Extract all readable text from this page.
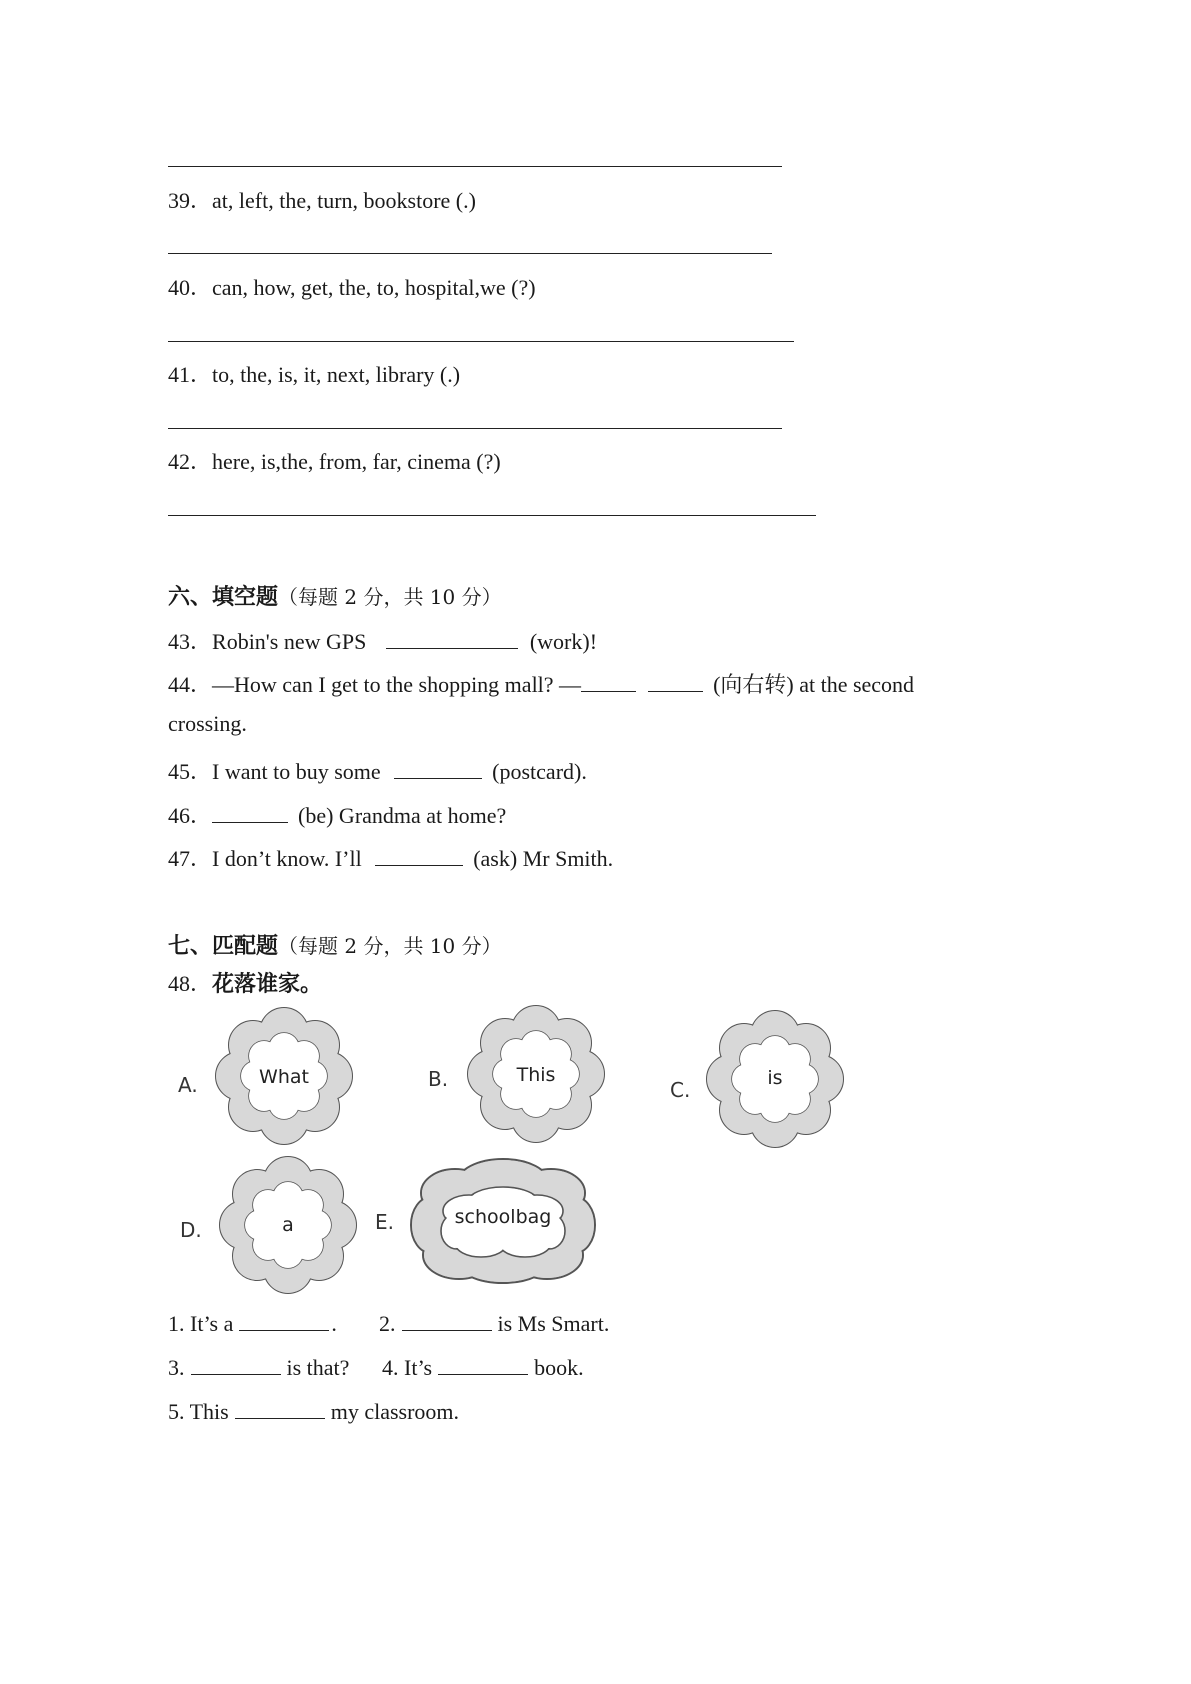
39．at, left, the, turn, bookstore (.)
40．can, how, get, the, to, hospital,we (?)
41．to, the, is, it, next, library (.)
42．here, is,the, from, far, cinema (?)
六、填空题（每题 2 分，共 10 分）
43．Robin's new GPS	(work)!
44．—How can I get to the shopping mall? —	(向右转) at the second
crossing.
45．I want to buy some	(postcard).
46．	(be) Grandma at home?
47．I don’t know. I’ll	(ask) Mr Smith.
七、匹配题（每题 2 分，共 10 分）
48．花落谁家。
A.	B.	C.
D.	E.
What	This	is
a	schoolbag
1. It’s a	. 2.	is Ms Smart.
3.	is that? 4. It’s	book.
5. This	my classroom.
